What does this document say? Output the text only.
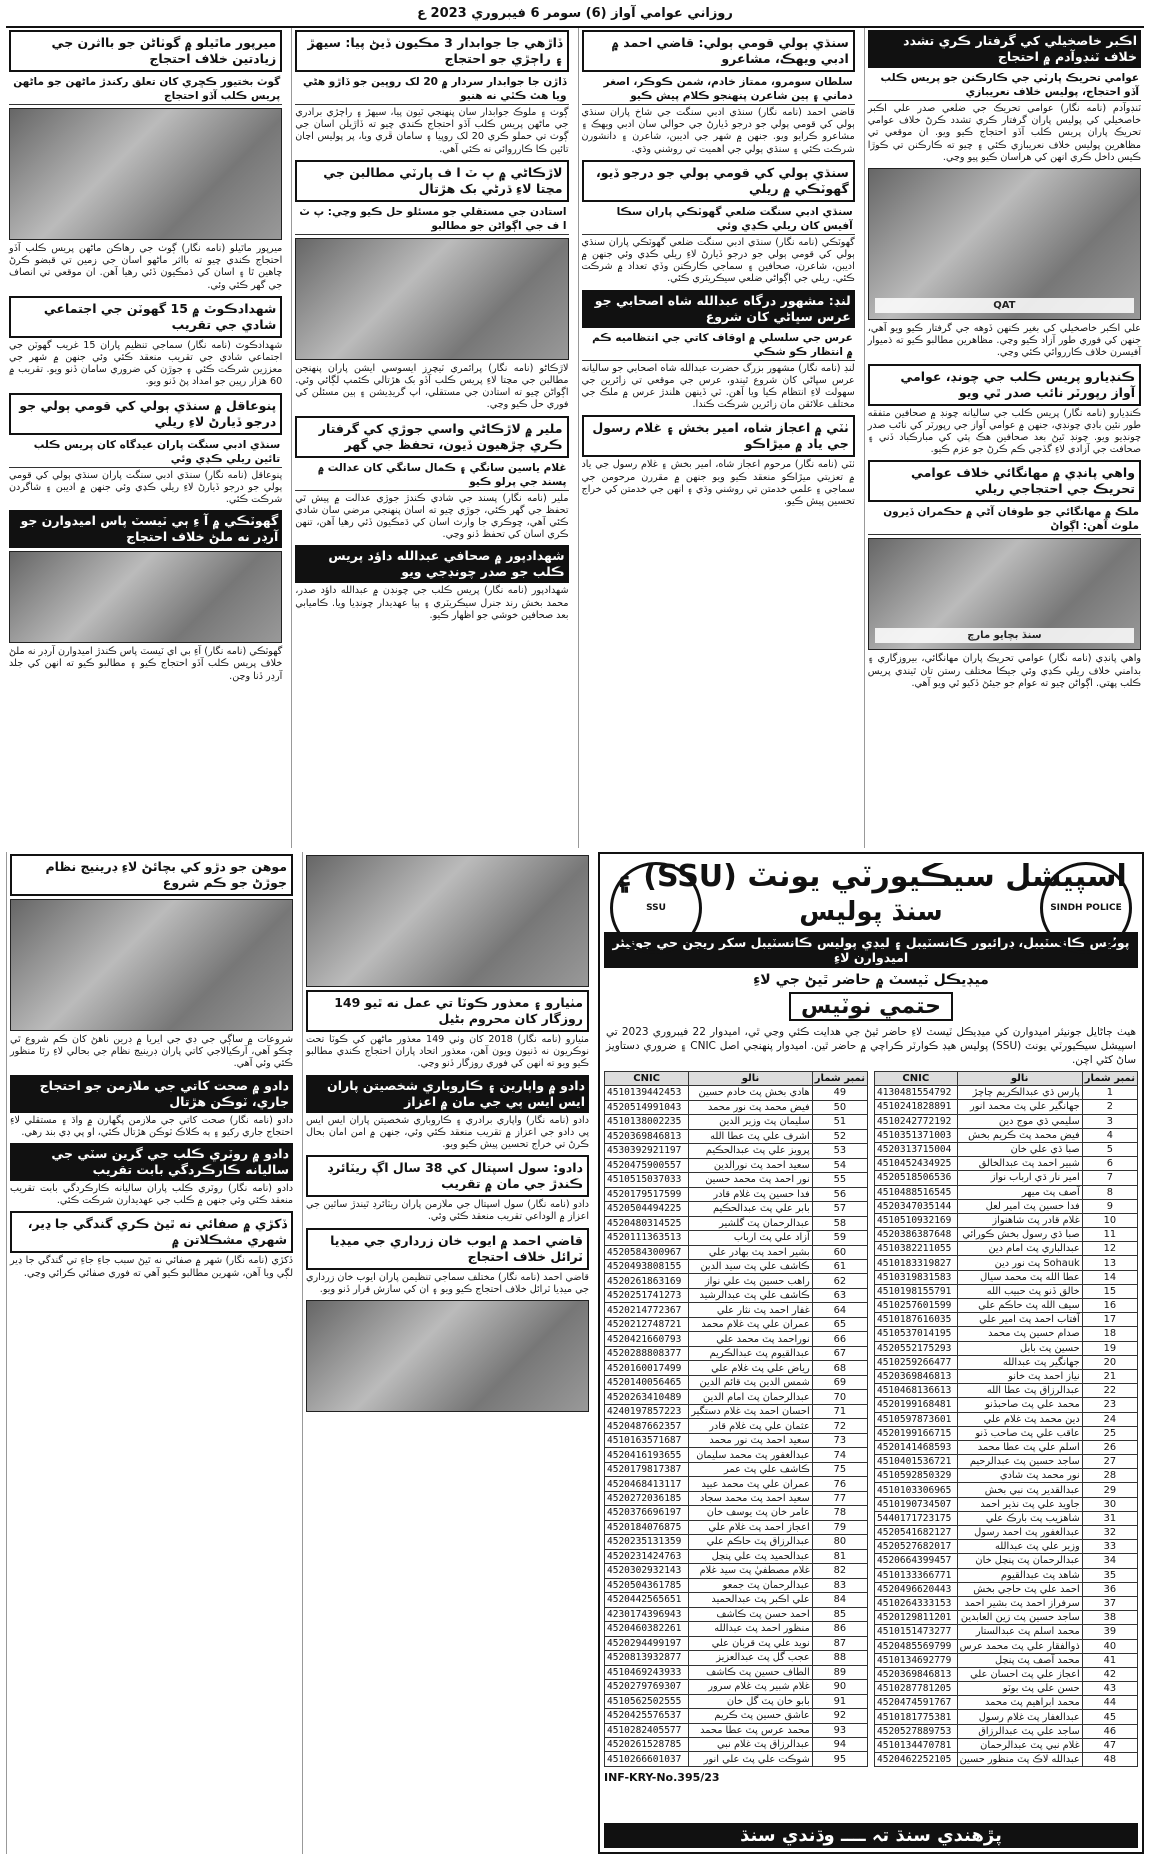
روزاني عوامي آواز (6) سومر 6 فيبروري 2023 ع
اڪبر خاصخيلي کي گرفتار ڪري تشدد خلاف ٽنڊوآدم ۾ احتجاج
عوامي تحريڪ پارٽي جي ڪارڪنن جو پريس ڪلب آڏو احتجاج، پوليس خلاف نعريبازي
ٽنڊوآدم (نامه نگار) عوامي تحريڪ جي ضلعي صدر علي اڪبر خاصخيلي کي پوليس پاران گرفتار ڪري تشدد ڪرڻ خلاف عوامي تحريڪ پاران پريس ڪلب آڏو احتجاج ڪيو ويو. ان موقعي تي مظاهرين پوليس خلاف نعريبازي ڪئي ۽ چيو ته ڪارڪنن تي ڪوڙا ڪيس داخل ڪري انهن کي هراسان ڪيو پيو وڃي.
QAT
علي اڪبر خاصخيلي کي بغير ڪنهن ڏوهه جي گرفتار ڪيو ويو آهي، جنهن کي فوري طور آزاد ڪيو وڃي. مظاهرين مطالبو ڪيو ته ذميوار آفيسرن خلاف ڪارروائي ڪئي وڃي.
ڪنڊيارو پريس ڪلب جي چونڊ، عوامي آواز رپورٽر نائب صدر ٿي ويو
ڪنڊيارو (نامه نگار) پريس ڪلب جي ساليانه چونڊ ۾ صحافين متفقه طور نئين باڊي چونڊي، جنهن ۾ عوامي آواز جي رپورٽر کي نائب صدر چونڊيو ويو. چونڊ ٿيڻ بعد صحافين هڪ ٻئي کي مبارڪباد ڏني ۽ صحافت جي آزادي لاءِ گڏجي ڪم ڪرڻ جو عزم ڪيو.
واهي پانڊي ۾ مهانگائي خلاف عوامي تحريڪ جي احتجاجي ريلي
ملڪ ۾ مهانگائي جو طوفان آڻي ۾ حڪمران ڏيرون ملوث آهن: اڳواڻ
سنڌ بچايو مارچ
واهي پانڊي (نامه نگار) عوامي تحريڪ پاران مهانگائي، بيروزگاري ۽ بدامني خلاف ريلي ڪڍي وئي جيڪا مختلف رستن تان ٿيندي پريس ڪلب پهتي. اڳواڻن چيو ته عوام جو جيئڻ ڏکيو ٿي ويو آهي.
سنڌي ٻولي قومي ٻولي: قاضي احمد ۾ ادبي ويهڪ، مشاعرو
سلطان سومرو، ممتاز خادم، شمن ڪوڪر، اصغر دماني ۽ ٻين شاعرن پنهنجو ڪلام پيش ڪيو
قاضي احمد (نامه نگار) سنڌي ادبي سنگت جي شاخ پاران سنڌي ٻولي کي قومي ٻولي جو درجو ڏيارڻ جي حوالي سان ادبي ويهڪ ۽ مشاعرو ڪرايو ويو. جنهن ۾ شهر جي اديبن، شاعرن ۽ دانشورن شرڪت ڪئي ۽ سنڌي ٻولي جي اهميت تي روشني وڌي.
سنڌي ٻولي کي قومي ٻولي جو درجو ڏيو، گهوٽڪي ۾ ريلي
سنڌي ادبي سنگت ضلعي گهوٽڪي پاران سڪا آفيس کان ريلي ڪڍي وئي
گهوٽڪي (نامه نگار) سنڌي ادبي سنگت ضلعي گهوٽڪي پاران سنڌي ٻولي کي قومي ٻولي جو درجو ڏيارڻ لاءِ ريلي ڪڍي وئي جنهن ۾ اديبن، شاعرن، صحافين ۽ سماجي ڪارڪنن وڏي تعداد ۾ شرڪت ڪئي. ريلي جي اڳواڻي ضلعي سيڪريٽري ڪئي.
لنڊ: مشهور درگاه عبدالله شاه اصحابي جو عرس سڀاڻي کان شروع
عرس جي سلسلي ۾ اوقاف کاتي جي انتظاميه ڪم ۾ انتظار ڪو شڪي
لنڊ (نامه نگار) مشهور بزرگ حضرت عبدالله شاه اصحابي جو ساليانه عرس سڀاڻي کان شروع ٿيندو، عرس جي موقعي تي زائرين جي سهولت لاءِ انتظام ڪيا ويا آهن. ٽي ڏينهن هلندڙ عرس ۾ ملڪ جي مختلف علائقن مان زائرين شرڪت ڪندا.
ٺٽي ۾ اعجاز شاه، امير بخش ۽ غلام رسول جي ياد ۾ ميڙاڪو
ٺٽي (نامه نگار) مرحوم اعجاز شاه، امير بخش ۽ غلام رسول جي ياد ۾ تعزيتي ميڙاڪو منعقد ڪيو ويو جنهن ۾ مقررن مرحومن جي سماجي ۽ علمي خدمتن تي روشني وڌي ۽ انهن جي خدمتن کي خراج تحسين پيش ڪيو.
ڏاڙهي جا جوابدار 3 مڪيون ڏيڻ پيا: سيهڙ ۽ راڄڙي جو احتجاج
ڏاڙن جا جوابدار سردار ۾ 20 لک روپين جو ڏاڙو هڻي ويا هٿ ڪٿي نه هنيو
ڳوٺ ۽ ملوڪ جوابدار سان پنهنجي ٽيون پيا، سيهڙ ۽ راڄڙي برادري جي ماڻهن پريس ڪلب آڏو احتجاج ڪندي چيو ته ڏاڙيلن اسان جي ڳوٺ تي حملو ڪري 20 لک روپيا ۽ سامان ڦري ويا، پر پوليس اڃان تائين ڪا ڪارروائي نه ڪئي آهي.
لاڙڪاڻي ۾ پ ٽ ا ف پارٽي مطالبن جي مڃتا لاءِ ڌرڻي بک هڙتال
استادن جي مستقلي جو مسئلو حل ڪيو وڃي: پ ٽ ا ف جي اڳواڻن جو مطالبو
لاڙڪاڻو (نامه نگار) پرائمري ٽيچرز ايسوسي ايشن پاران پنهنجن مطالبن جي مڃتا لاءِ پريس ڪلب آڏو بک هڙتالي ڪئمپ لڳائي وئي. اڳواڻن چيو ته استادن جي مستقلي، اپ گريڊيشن ۽ ٻين مسئلن کي فوري حل ڪيو وڃي.
ملير ۾ لاڙڪاڻي واسي جوڙي کي گرفتار ڪري چڙهيون ڏيون، تحفظ جي گهر
غلام ياسين سانگي ۽ ڪمال سانگي کان عدالت ۾ پسند جي پرلو ڪيو
ملير (نامه نگار) پسند جي شادي ڪندڙ جوڙي عدالت ۾ پيش ٿي تحفظ جي گهر ڪئي، جوڙي چيو ته اسان پنهنجي مرضي سان شادي ڪئي آهي، ڇوڪري جا وارث اسان کي ڌمڪيون ڏئي رهيا آهن، تنهن ڪري اسان کي تحفظ ڏنو وڃي.
شهدادپور ۾ صحافي عبدالله داؤد پريس ڪلب جو صدر چونڊجي ويو
شهدادپور (نامه نگار) پريس ڪلب جي چونڊن ۾ عبدالله داؤد صدر، محمد بخش رند جنرل سيڪريٽري ۽ ٻيا عهديدار چونڊيا ويا. ڪاميابي بعد صحافين خوشي جو اظهار ڪيو.
ميرپور ماٿيلو ۾ گوٺاڻن جو بااثرن جي زيادتين خلاف احتجاج
گوٺ بختيور ڪڇري کان تعلق رکندڙ ماڻهن جو ماڻهن پريس ڪلب آڏو احتجاج
ميرپور ماٿيلو (نامه نگار) ڳوٺ جي رهاڪن ماڻهن پريس ڪلب آڏو احتجاج ڪندي چيو ته بااثر ماڻهو اسان جي زمين تي قبضو ڪرڻ چاهين ٿا ۽ اسان کي ڌمڪيون ڏئي رهيا آهن. ان موقعي تي انصاف جي گهر ڪئي وئي.
شهدادڪوٽ ۾ 15 گهوٽن جي اجتماعي شادي جي تقريب
شهدادڪوٽ (نامه نگار) سماجي تنظيم پاران 15 غريب گهوٽن جي اجتماعي شادي جي تقريب منعقد ڪئي وئي جنهن ۾ شهر جي معززين شرڪت ڪئي ۽ جوڙن کي ضروري سامان ڏنو ويو. تقريب ۾ 60 هزار رپين جو امداد پڻ ڏنو ويو.
پنوعاقل ۾ سنڌي ٻولي کي قومي ٻولي جو درجو ڏيارڻ لاءِ ريلي
سنڌي ادبي سنگت پاران عيدگاه کان پريس ڪلب تائين ريلي ڪڍي وئي
پنوعاقل (نامه نگار) سنڌي ادبي سنگت پاران سنڌي ٻولي کي قومي ٻولي جو درجو ڏيارڻ لاءِ ريلي ڪڍي وئي جنهن ۾ اديبن ۽ شاگردن شرڪت ڪئي.
گهوٽڪي ۾ آ ءِ ٻي ٽيسٽ پاس اميدوارن جو آرڊر نه ملڻ خلاف احتجاج
گهوٽڪي (نامه نگار) آءِ بي اي ٽيسٽ پاس ڪندڙ اميدوارن آرڊر نه ملڻ خلاف پريس ڪلب آڏو احتجاج ڪيو ۽ مطالبو ڪيو ته انهن کي جلد آرڊر ڏنا وڃن.
SINDH POLICE
SSU
اسپيشل سيڪيورٽي يونٽ (SSU) ۽
سنڌ پوليس
پوليس ڪانسٽيبل، ڊرائيور ڪانسٽيبل ۽ ليڊي پوليس ڪانسٽيبل سکر ريجن جي جونيئر اميدوارن لاءِ
ميڊيڪل ٽيسٽ ۾ حاضر ٿيڻ جي لاءِ
حتمي نوٽيس
هيٺ ڄاڻايل جونيئر اميدوارن کي ميڊيڪل ٽيسٽ لاءِ حاضر ٿيڻ جي هدايت ڪئي وڃي ٿي، اميدوار 22 فيبروري 2023 تي اسپيشل سيڪيورٽي يونٽ (SSU) پوليس هيڊ ڪوارٽر ڪراچي ۾ حاضر ٿين. اميدوار پنهنجي اصل CNIC ۽ ضروري دستاويز ساڻ کڻي اچن.
نمبر شمار	نالو	CNIC
1	پارس ڌي عبدالڪريم چاچڙ	4130481554792
2	جهانگير علي پٽ محمد انور	4510241828891
3	سليمي ڌي موج دين	4510242772192
4	فيض محمد پٽ ڪريم بخش	4510351371003
5	صبا ڌي علي خان	4520313715004
6	شبير احمد پٽ عبدالخالق	4510452434925
7	امير نار ڌي ارباب نواز	4520518506536
8	آصف پٽ ميهر	4510488516545
9	فدا حسين پٽ امير لعل	4520347035144
10	غلام قادر پٽ شاهنواز	4510510932169
11	صبا ڌي رسول بخش ڪورائي	4520386387648
12	عبدالباري پٽ امام دين	4510382211055
13	Sohauk پٽ نور دين	4510183319827
14	عطا الله پٽ محمد سيال	4510319831583
15	خالق ڏنو پٽ حبيب الله	4510198155791
16	سيف الله پٽ حاڪم علي	4510257601599
17	آفتاب احمد پٽ امير علي	4510187616035
18	صدام حسين پٽ محمد	4510537014195
19	حسين پٽ بابل	4520552175293
20	جهانگير پٽ عبدالله	4510259266477
21	نياز احمد پٽ خانو	4520369846813
22	عبدالرزاق پٽ عطا الله	4510468136613
23	محمد علي پٽ صاحبڏنو	4520199168481
24	دين محمد پٽ غلام علي	4510597873601
25	عاقب علي پٽ صاحب ڏنو	4520199166715
26	اسلم علي پٽ عطا محمد	4520141468593
27	ساجد حسين پٽ عبدالرحيم	4510401536721
28	نور محمد پٽ شادي	4510592850329
29	عبدالقدير پٽ نبي بخش	4510103306965
30	جاويد علي پٽ نذير احمد	4510190734507
31	شاهزيب پٽ بارڪ علي	5440171723175
32	عبدالغفور پٽ احمد رسول	4520541682127
33	وزير علي پٽ عبدالله	4520527682017
34	عبدالرحمان پٽ پنڃل خان	4520664399457
35	شاهد پٽ عبدالقيوم	4510133366771
36	احمد علي پٽ حاجي بخش	4520496620443
37	سرفراز احمد پٽ بشير احمد	4510264333153
38	ساجد حسين پٽ زين العابدين	4520129811201
39	محمد اسلم پٽ عبدالستار	4510151473277
40	ذوالفقار علي پٽ محمد عرس	4520485569799
41	محمد آصف پٽ پنڃل	4510134692779
42	اعجاز علي پٽ احسان علي	4520369846813
43	حسن علي پٽ بوٽو	4510287781205
44	محمد ابراهيم پٽ محمد	4520474591767
45	عبدالغفار پٽ غلام رسول	4510181775381
46	ساجد علي پٽ عبدالرزاق	4520527889753
47	غلام نبي پٽ عبدالرحمان	4510134470781
48	عبدالله لاڪ پٽ منظور حسين	4520462252105
نمبر شمار	نالو	CNIC
49	هادي بخش پٽ خادم حسين	4510139442453
50	فيض محمد پٽ نور محمد	4520514991043
51	سليمان پٽ وزير الدين	4510138002235
52	اشرف علي پٽ عطا الله	4520369846813
53	پرويز علي پٽ عبدالحڪيم	4530392921197
54	سعيد احمد پٽ نورالدين	4520475900557
55	نور احمد پٽ محمد حسين	4510515037033
56	فدا حسين پٽ غلام قادر	4520179517599
57	بابر علي پٽ عبدالحڪيم	4520504494225
58	عبدالرحمان پٽ گلشير	4520480314525
59	آزاد علي پٽ ارباب	4520111363513
60	بشير احمد پٽ بهادر علي	4520584300967
61	ڪاشف علي پٽ سيد الدين	4520493808155
62	راهب حسين پٽ علي نواز	4520261863169
63	ڪاشف علي پٽ عبدالرشيد	4520251741273
64	غفار احمد پٽ نثار علي	4520214772367
65	عمران علي پٽ غلام محمد	4520212748721
66	نوراحمد پٽ محمد علي	4520421660793
67	عبدالقيوم پٽ عبدالڪريم	4520288808377
68	رياض علي پٽ غلام علي	4520160017499
69	شمس الدين پٽ قائم الدين	4520140056465
70	عبدالرحمان پٽ امام الدين	4520263410489
71	احسان احمد پٽ غلام دستگير	4240197857223
72	عثمان علي پٽ غلام قادر	4520487662357
73	سعيد احمد پٽ نور محمد	4510163571687
74	عبدالغفور پٽ محمد سليمان	4520416193655
75	ڪاشف علي پٽ عمر	4520179817387
76	عمران علي پٽ محمد عبيد	4520468413117
77	سعيد احمد پٽ محمد سجاد	4520272036185
78	عامر خان پٽ يوسف خان	4520376696197
79	اعجاز احمد پٽ غلام علي	4520184076875
80	عبدالرزاق پٽ حاڪم علي	4520235131359
81	عبدالحميد پٽ علي پنڃل	4520231424763
82	غلام مصطفيٰ پٽ سيد غلام	4520302932143
83	عبدالرحمان پٽ جمعو	4520504361785
84	علي اڪبر پٽ عبدالحميد	4520442565651
85	احمد حسن پٽ ڪاشف	4230174396943
86	منظور احمد پٽ عبدالله	4520460382261
87	نويد علي پٽ قربان علي	4520294499197
88	عجب گل پٽ عبدالعزيز	4520813932877
89	الطاف حسين پٽ ڪاشف	4510469243933
90	غلام شبير پٽ غلام سرور	4520279769307
91	بابو خان پٽ گل خان	4510562502555
92	عاشق حسين پٽ ڪريم	4520425576537
93	محمد عرس پٽ عطا محمد	4510282405577
94	عبدالرزاق پٽ غلام نبي	4520261528785
95	شوڪت علي پٽ علي انور	4510266601037
INF-KRY-No.395/23
پڙهندي سنڌ تہ ــــ وڌندي سنڌ
مٺيارو ۽ معذور ڪوٽا تي عمل نه ٿيو 149 روزگار کان محروم بڻيل
مٺيارو (نامه نگار) 2018 کان وٺي 149 معذور ماڻهن کي ڪوٽا تحت نوڪريون نه ڏنيون ويون آهن، معذور اتحاد پاران احتجاج ڪندي مطالبو ڪيو ويو ته انهن کي فوري روزگار ڏنو وڃي.
دادو ۾ واپارين ۽ ڪاروباري شخصيتن پاران ايس ايس پي جي مان ۾ اعزاز
دادو (نامه نگار) واپاري برادري ۽ ڪاروباري شخصيتن پاران ايس ايس پي دادو جي اعزاز ۾ تقريب منعقد ڪئي وئي، جنهن ۾ امن امان بحال ڪرڻ تي خراج تحسين پيش ڪيو ويو.
دادو: سول اسپتال کي 38 سال اڳ ريٽائرڊ ڪندڙ جي مان ۾ تقريب
دادو (نامه نگار) سول اسپتال جي ملازمن پاران ريٽائرڊ ٿيندڙ ساٿين جي اعزاز ۾ الوداعي تقريب منعقد ڪئي وئي.
قاضي احمد ۾ ايوب خان زرداري جي ميڊيا ٽرائل خلاف احتجاج
قاضي احمد (نامه نگار) مختلف سماجي تنظيمن پاران ايوب خان زرداري جي ميڊيا ٽرائل خلاف احتجاج ڪيو ويو ۽ ان کي سازش قرار ڏنو ويو.
موهن جو دڙو کي بچائڻ لاءِ ڊرينيج نظام جوڙڻ جو ڪم شروع
شروعات ۾ ساڳي جي ڊي جي ايريا ۾ ڊرين ناهڻ کان ڪم شروع ٿي چڪو آهي، آرڪيالاجي کاتي پاران ڊرينيج نظام جي بحالي لاءِ رٿا منظور ڪئي وئي آهي.
دادو ۾ صحت کاتي جي ملازمن جو احتجاج جاري، ٽوڪن هڙتال
دادو (نامه نگار) صحت کاتي جي ملازمن پگهارن ۾ واڌ ۽ مستقلي لاءِ احتجاج جاري رکيو ۽ ٻه ڪلاڪ ٽوڪن هڙتال ڪئي، او پي ڊي بند رهي.
دادو ۾ روٽري ڪلب جي گرين سٽي جي ساليانه ڪارڪردگي بابت تقريب
دادو (نامه نگار) روٽري ڪلب پاران ساليانه ڪارڪردگي بابت تقريب منعقد ڪئي وئي جنهن ۾ ڪلب جي عهديدارن شرڪت ڪئي.
ڏکڙي ۾ صفائي نه ٿيڻ ڪري گندگي جا ڍير، شهري مشڪلاتن ۾
ڏکڙي (نامه نگار) شهر ۾ صفائي نه ٿيڻ سبب جاءِ جاءِ تي گندگي جا ڍير لڳي ويا آهن، شهرين مطالبو ڪيو آهي ته فوري صفائي ڪرائي وڃي.
